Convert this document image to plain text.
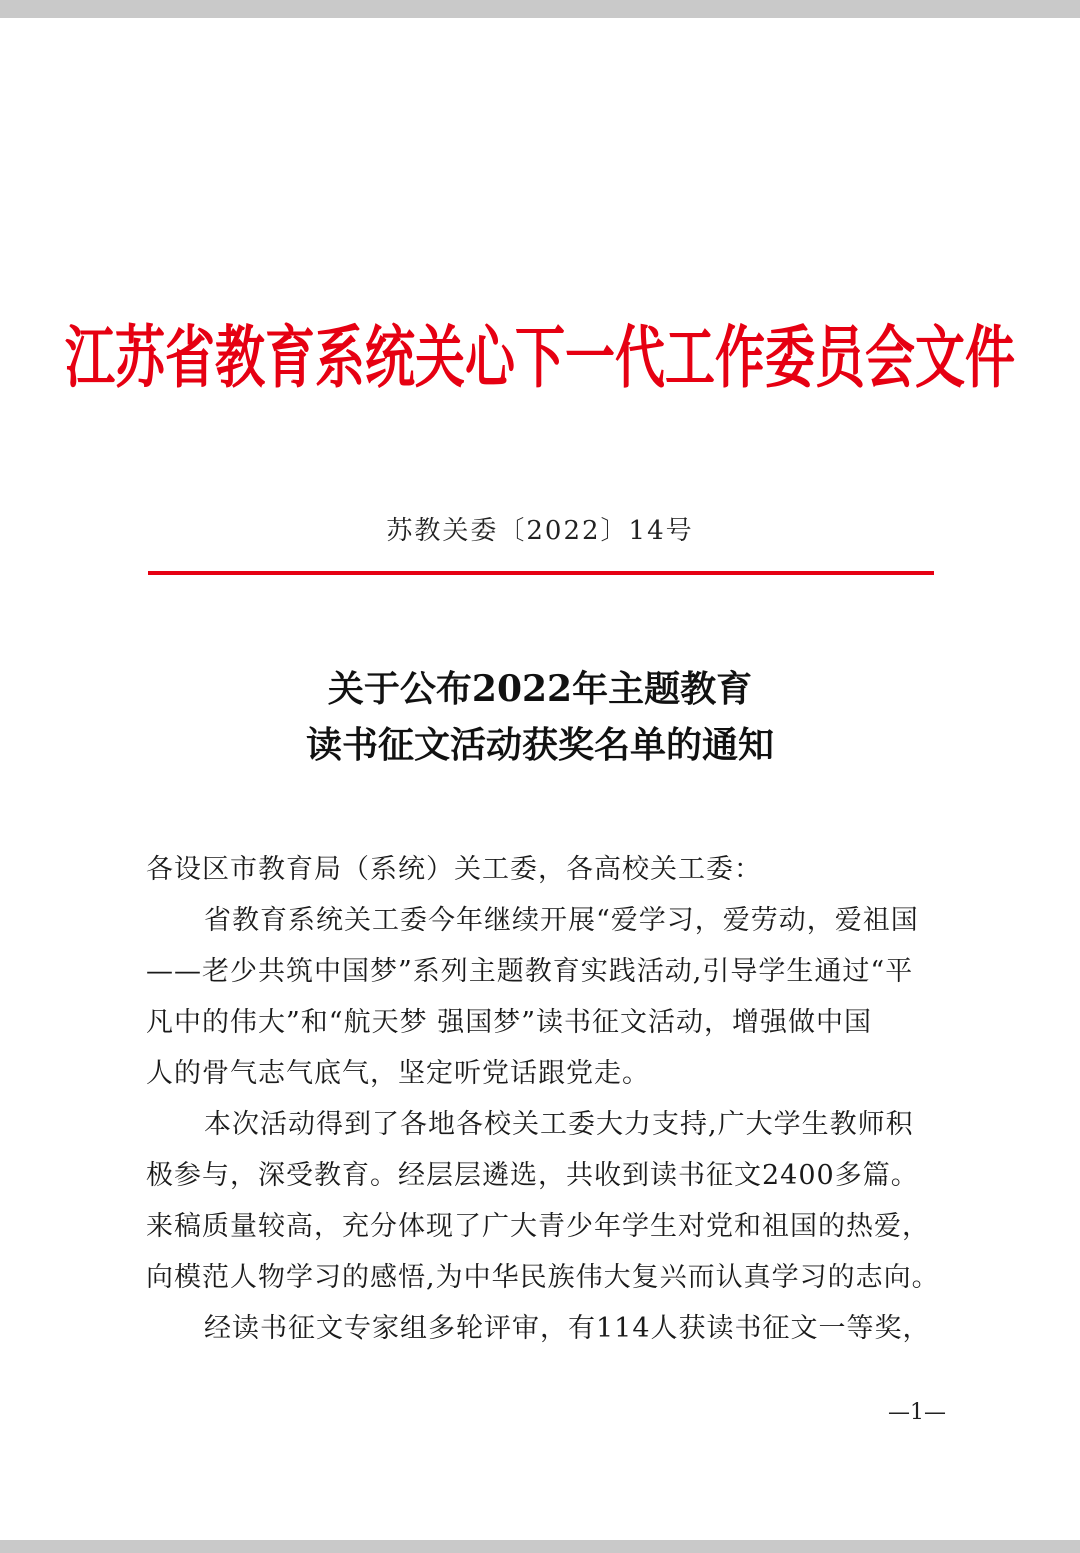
江苏省教育系统关心下一代工作委员会文件
苏教关委〔2022〕14号
关于公布2022年主题教育
读书征文活动获奖名单的通知
各设区市教育局（系统）关工委，各高校关工委：
省教育系统关工委今年继续开展“爱学习，爱劳动，爱祖国
——老少共筑中国梦”系列主题教育实践活动,引导学生通过“平
凡中的伟大”和“航天梦 强国梦”读书征文活动，增强做中国
人的骨气志气底气，坚定听党话跟党走。
本次活动得到了各地各校关工委大力支持,广大学生教师积
极参与，深受教育。经层层遴选，共收到读书征文2400多篇。
来稿质量较高，充分体现了广大青少年学生对党和祖国的热爱，
向模范人物学习的感悟,为中华民族伟大复兴而认真学习的志向。
经读书征文专家组多轮评审，有114人获读书征文一等奖，
—1—
